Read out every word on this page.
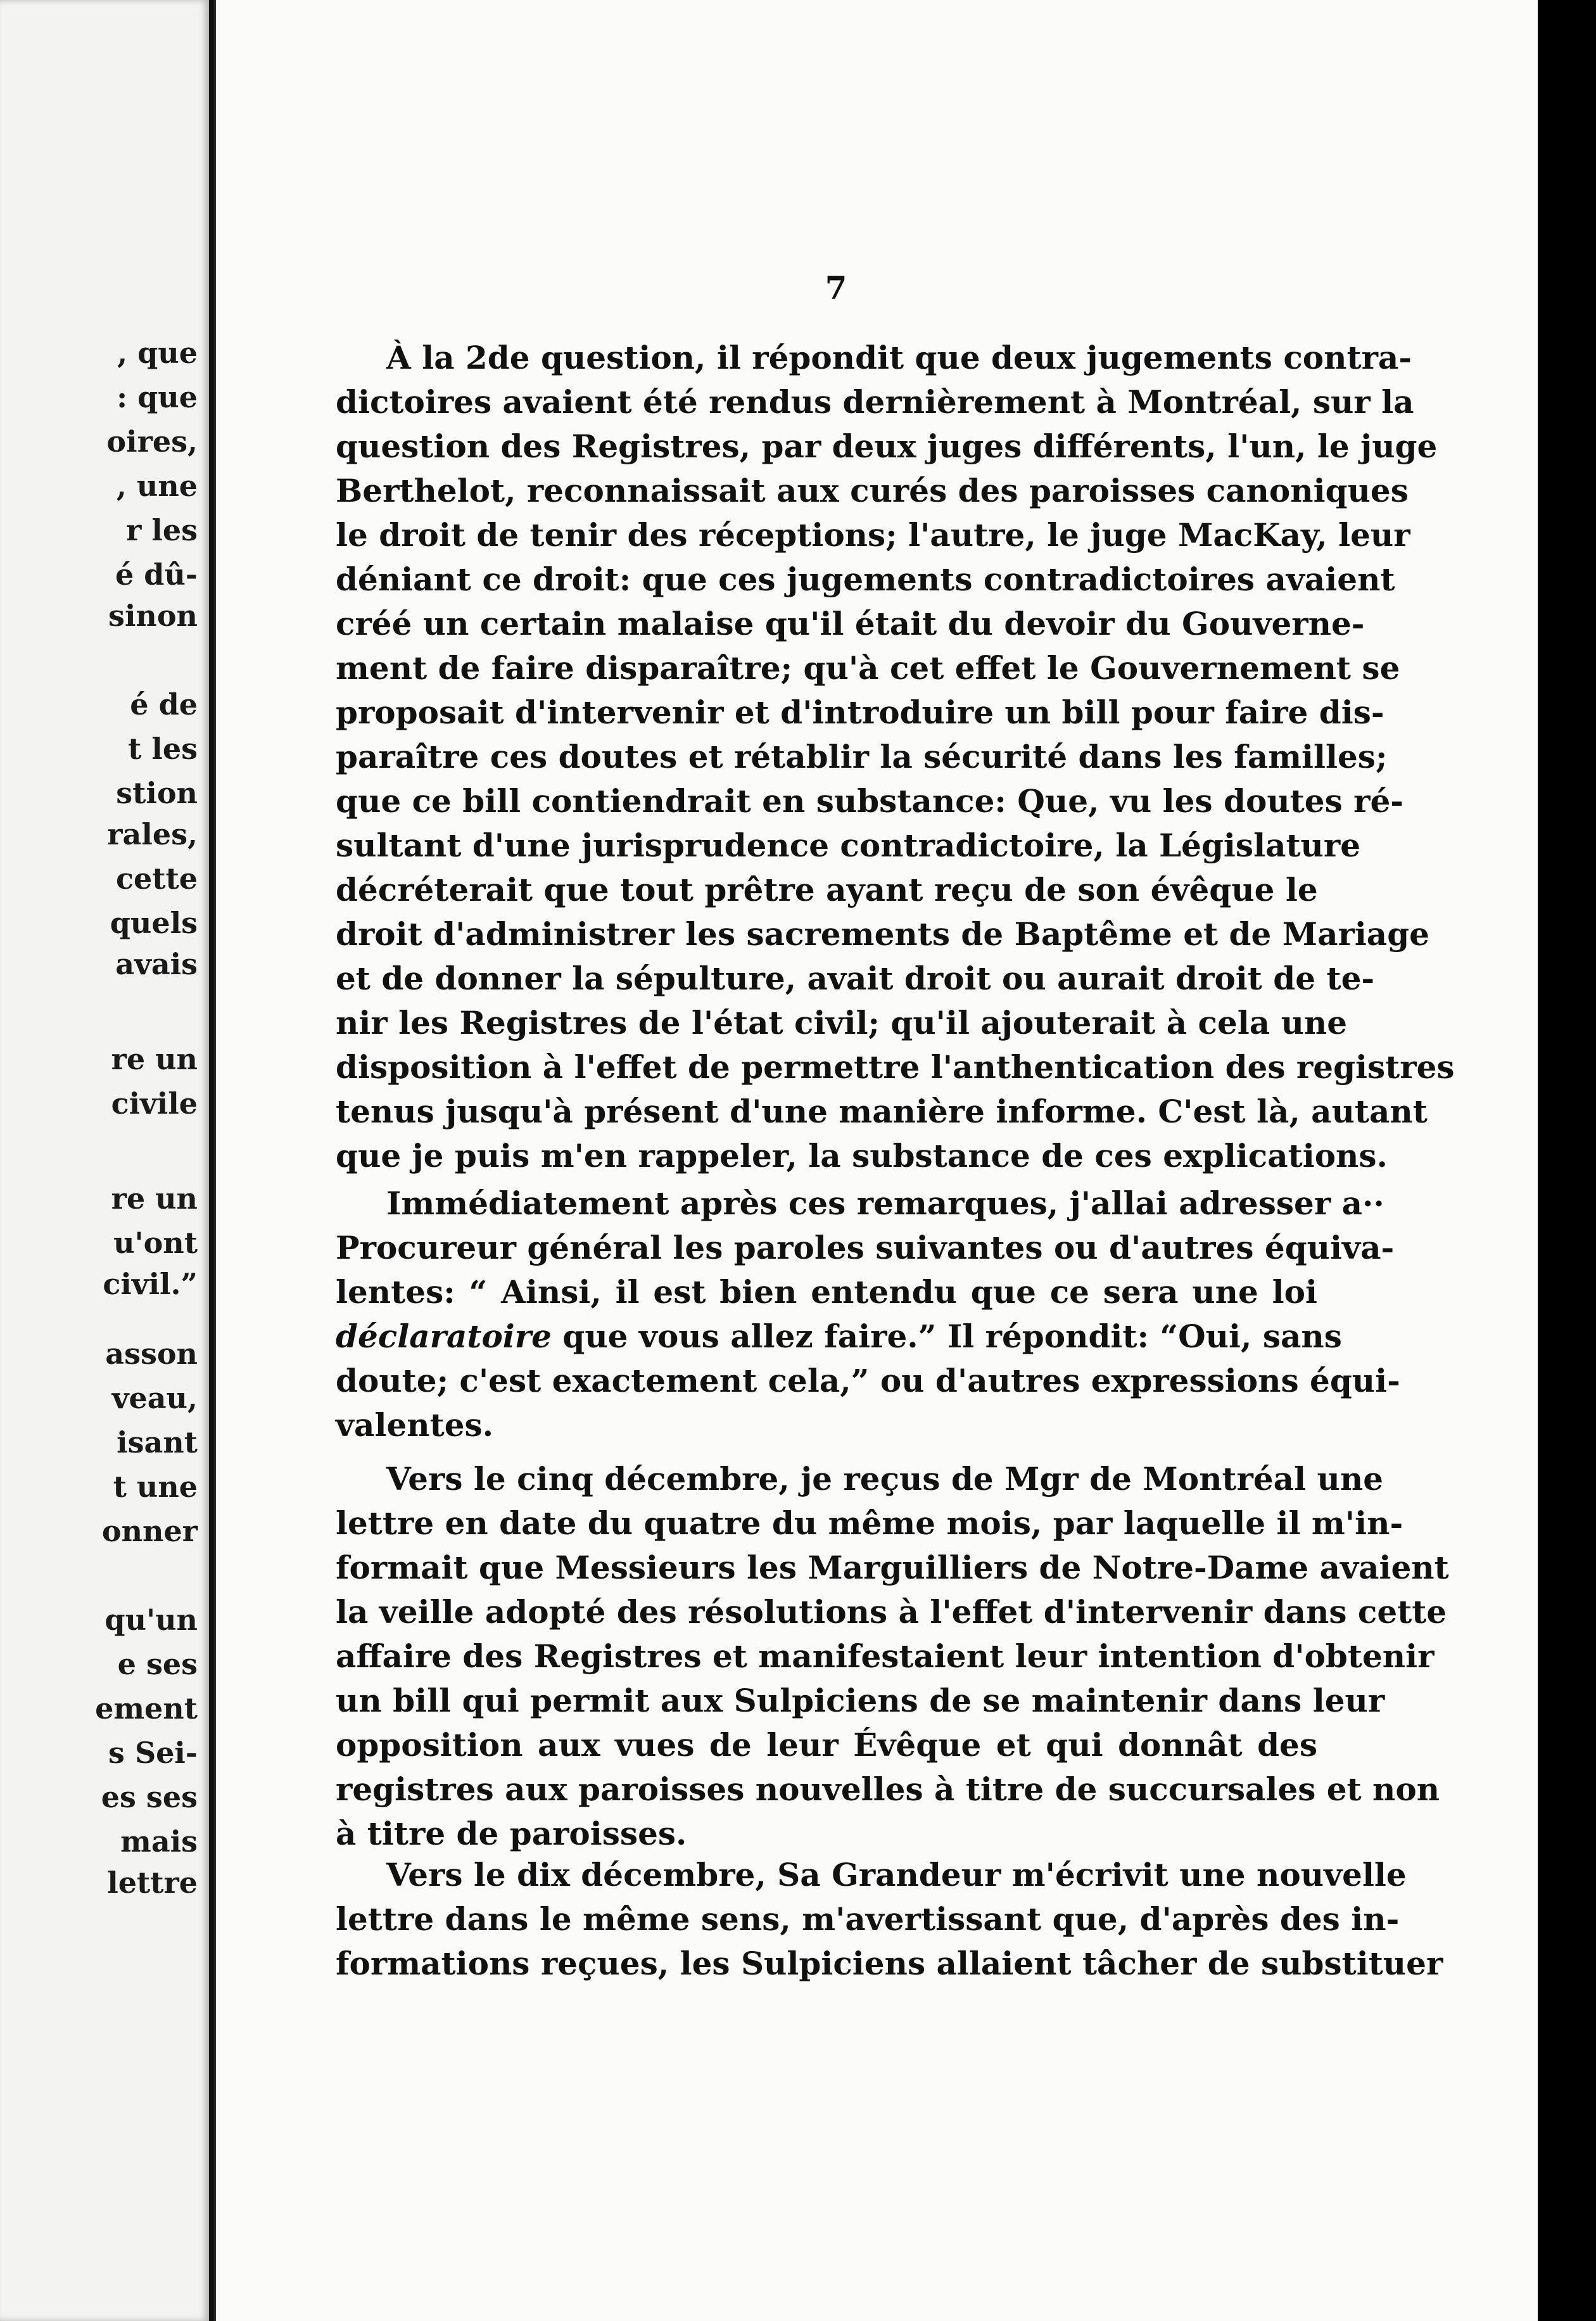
, que
: que
oires,
, une
r les
é dû-
sinon
é de
t les
stion
rales,
cette
quels
avais
re un
civile
re un
u'ont
civil.”
asson
veau,
isant
t une
onner
qu'un
e ses
ement
s Sei-
es ses
mais
lettre
7
À la 2de question, il répondit que deux jugements contra-
dictoires avaient été rendus dernièrement à Montréal, sur la
question des Registres, par deux juges différents, l'un, le juge
Berthelot, reconnaissait aux curés des paroisses canoniques
le droit de tenir des réceptions; l'autre, le juge MacKay, leur
déniant ce droit: que ces jugements contradictoires avaient
créé un certain malaise qu'il était du devoir du Gouverne-
ment de faire disparaître; qu'à cet effet le Gouvernement se
proposait d'intervenir et d'introduire un bill pour faire dis-
paraître ces doutes et rétablir la sécurité dans les familles;
que ce bill contiendrait en substance: Que, vu les doutes ré-
sultant d'une jurisprudence contradictoire, la Législature
décréterait que tout prêtre ayant reçu de son évêque le
droit d'administrer les sacrements de Baptême et de Mariage
et de donner la sépulture, avait droit ou aurait droit de te-
nir les Registres de l'état civil; qu'il ajouterait à cela une
disposition à l'effet de permettre l'anthentication des registres
tenus jusqu'à présent d'une manière informe. C'est là, autant
que je puis m'en rappeler, la substance de ces explications.
Immédiatement après ces remarques, j'allai adresser a··
Procureur général les paroles suivantes ou d'autres équiva-
lentes: “ Ainsi, il est bien entendu que ce sera une loi
déclaratoire que vous allez faire.” Il répondit: “Oui, sans
doute; c'est exactement cela,” ou d'autres expressions équi-
valentes.
Vers le cinq décembre, je reçus de Mgr de Montréal une
lettre en date du quatre du même mois, par laquelle il m'in-
formait que Messieurs les Marguilliers de Notre-Dame avaient
la veille adopté des résolutions à l'effet d'intervenir dans cette
affaire des Registres et manifestaient leur intention d'obtenir
un bill qui permit aux Sulpiciens de se maintenir dans leur
opposition aux vues de leur Évêque et qui donnât des
registres aux paroisses nouvelles à titre de succursales et non
à titre de paroisses.
Vers le dix décembre, Sa Grandeur m'écrivit une nouvelle
lettre dans le même sens, m'avertissant que, d'après des in-
formations reçues, les Sulpiciens allaient tâcher de substituer
